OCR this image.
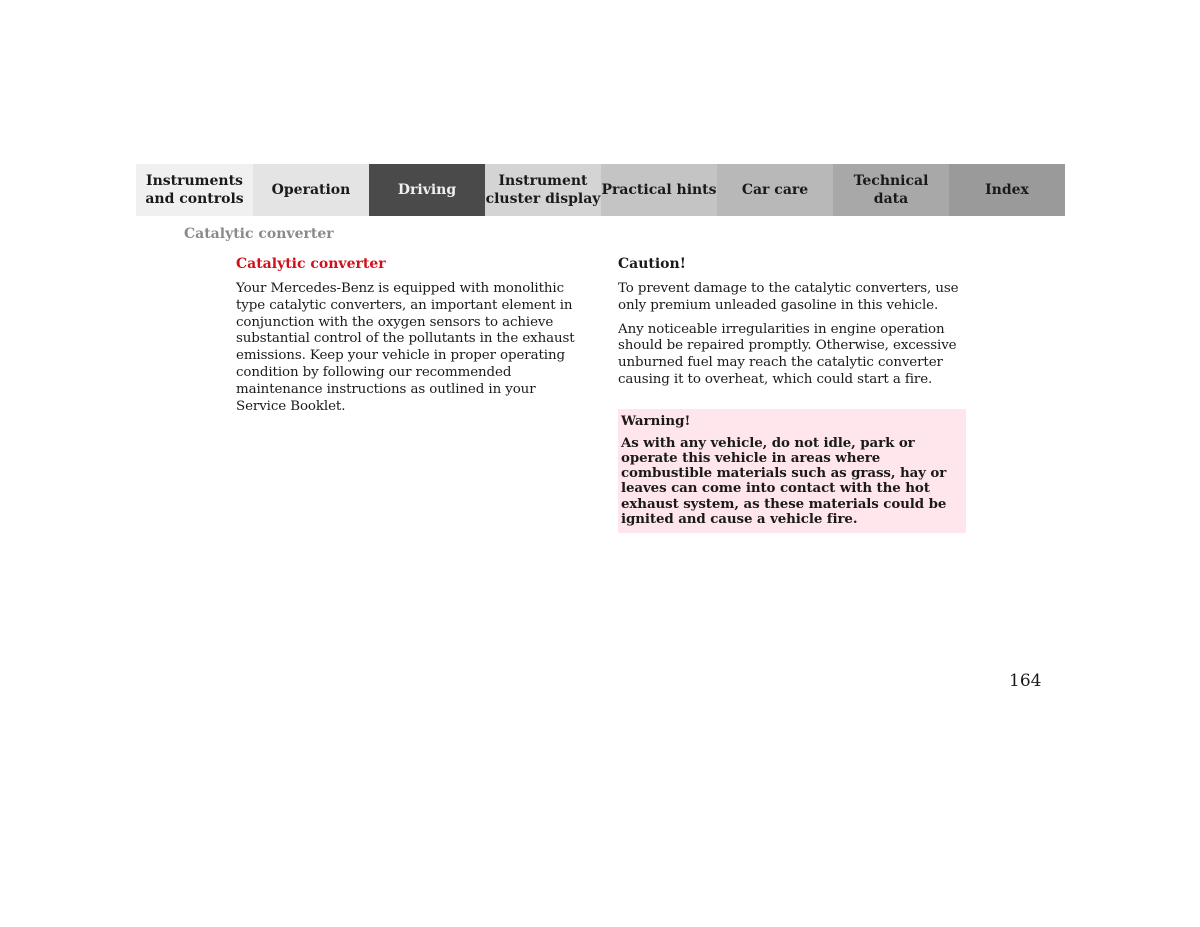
Instruments
and controls
Operation	Driving
Instrument
cluster display
Practical hints Car care
Technical
data
Index
Catalytic converter
Catalytic converter

Your Mercedes-Benz is equipped with monolithic type catalytic converters, an important element in conjunction with the oxygen sensors to achieve substantial control of the pollutants in the exhaust emissions. Keep your vehicle in proper operating condition by following our recommended maintenance instructions as outlined in your Service Booklet.

Caution!

To prevent damage to the catalytic converters, use only premium unleaded gasoline in this vehicle.

Any noticeable irregularities in engine operation should be repaired promptly. Otherwise, excessive unburned fuel may reach the catalytic converter causing it to overheat, which could start a fire.

Warning!

As with any vehicle, do not idle, park or operate this vehicle in areas where combustible materials such as grass, hay or leaves can come into contact with the hot exhaust system, as these materials could be ignited and cause a vehicle fire.

164
